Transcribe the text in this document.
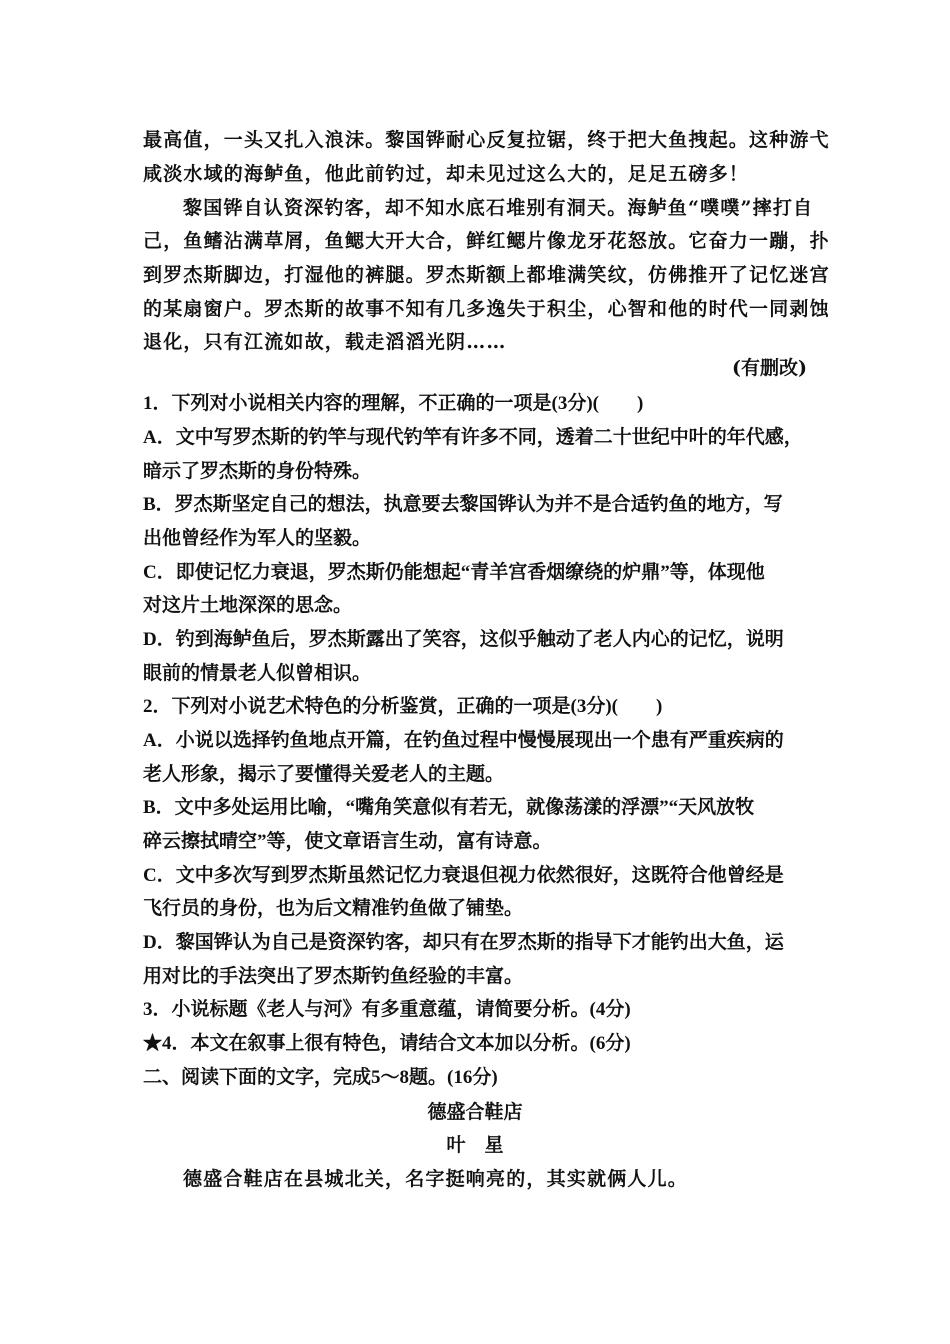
最高值，一头又扎入浪沫。黎国铧耐心反复拉锯，终于把大鱼拽起。这种游弋
咸淡水域的海鲈鱼，他此前钓过，却未见过这么大的，足足五磅多！
黎国铧自认资深钓客，却不知水底石堆别有洞天。海鲈鱼“噗噗”摔打自
己，鱼鳍沾满草屑，鱼鳃大开大合，鲜红鳃片像龙牙花怒放。它奋力一蹦，扑
到罗杰斯脚边，打湿他的裤腿。罗杰斯额上都堆满笑纹，仿佛推开了记忆迷宫
的某扇窗户。罗杰斯的故事不知有几多逸失于积尘，心智和他的时代一同剥蚀
退化，只有江流如故，载走滔滔光阴……
(有删改)
1．下列对小说相关内容的理解，不正确的一项是(3分)(　　)
A．文中写罗杰斯的钓竿与现代钓竿有许多不同，透着二十世纪中叶的年代感，
暗示了罗杰斯的身份特殊。
B．罗杰斯坚定自己的想法，执意要去黎国铧认为并不是合适钓鱼的地方，写
出他曾经作为军人的坚毅。
C．即使记忆力衰退，罗杰斯仍能想起“青羊宫香烟缭绕的炉鼎”等，体现他
对这片土地深深的思念。
D．钓到海鲈鱼后，罗杰斯露出了笑容，这似乎触动了老人内心的记忆，说明
眼前的情景老人似曾相识。
2．下列对小说艺术特色的分析鉴赏，正确的一项是(3分)(　　)
A．小说以选择钓鱼地点开篇，在钓鱼过程中慢慢展现出一个患有严重疾病的
老人形象，揭示了要懂得关爱老人的主题。
B．文中多处运用比喻，“嘴角笑意似有若无，就像荡漾的浮漂”“天风放牧
碎云擦拭晴空”等，使文章语言生动，富有诗意。
C．文中多次写到罗杰斯虽然记忆力衰退但视力依然很好，这既符合他曾经是
飞行员的身份，也为后文精准钓鱼做了铺垫。
D．黎国铧认为自己是资深钓客，却只有在罗杰斯的指导下才能钓出大鱼，运
用对比的手法突出了罗杰斯钓鱼经验的丰富。
3．小说标题《老人与河》有多重意蕴，请简要分析。(4分)
★4．本文在叙事上很有特色，请结合文本加以分析。(6分)
二、阅读下面的文字，完成5～8题。(16分)
德盛合鞋店
叶　星
德盛合鞋店在县城北关，名字挺响亮的，其实就俩人儿。
